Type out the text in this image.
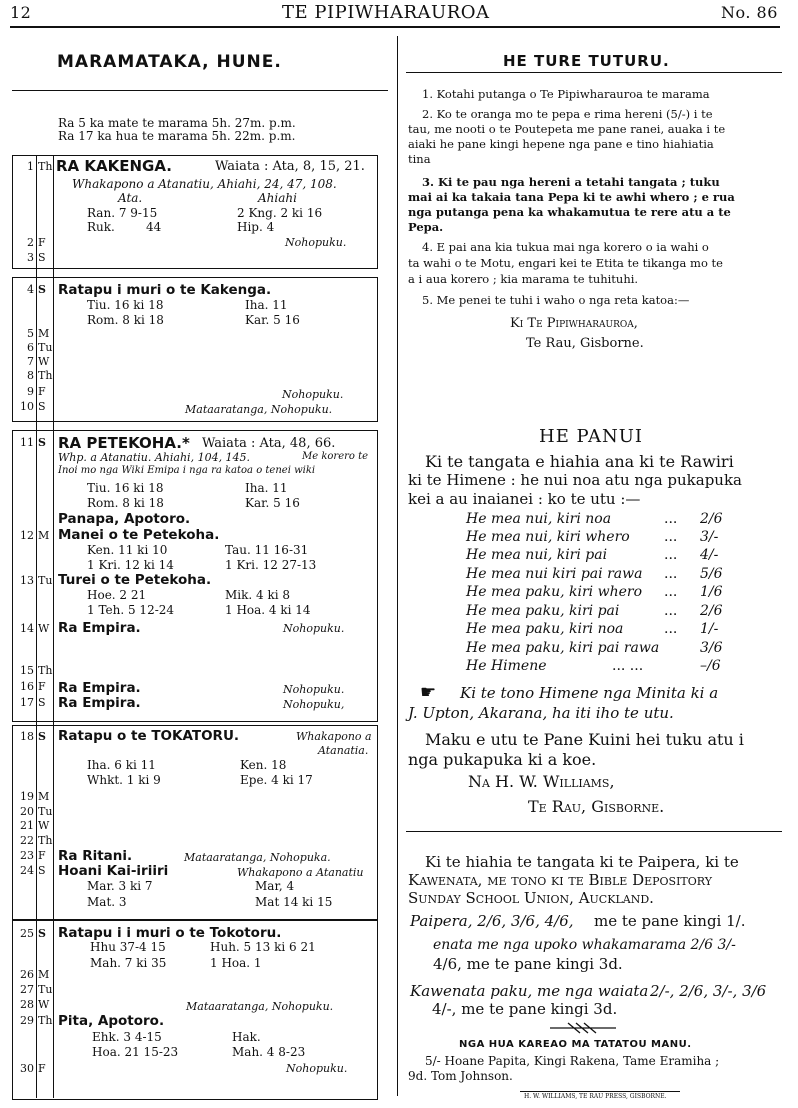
12	TE PIPIWHARAUROA	No. 86
MARAMATAKA, HUNE.
Ra 5 ka mate te marama 5h. 27m. p.m.
Ra 17 ka hua te marama 5h. 22m. p.m.
1 Th RA KAKENGA.	Waiata : Ata, 8, 15, 21.
Whakapono a Atanatiu, Ahiahi, 24, 47, 108.
Ata.	Ahiahi
Ran. 7 9-15	2 Kng. 2 ki 16
Ruk.	44	Hip. 4
2 F	Nohopuku.
3 S
4 S Ratapu i muri o te Kakenga.
Tiu. 16 ki 18	Iha. 11
Rom. 8 ki 18	Kar. 5 16
5 M
6 Tu
7 W
8 Th
9 F	Nohopuku.
10 S	Mataaratanga, Nohopuku.
11 S RA PETEKOHA.* Waiata : Ata, 48, 66.
Whp. a Atanatiu. Ahiahi, 104, 145.	Me korero te
Inoi mo nga Wiki Emipa i nga ra katoa o tenei wiki
Tiu. 16 ki 18	Iha. 11
Rom. 8 ki 18	Kar. 5 16
Panapa, Apotoro.
12 M Manei o te Petekoha.
Ken. 11 ki 10	Tau. 11 16-31
1 Kri. 12 ki 14	1 Kri. 12 27-13
13 Tu Turei o te Petekoha.
Hoe. 2 21	Mik. 4 ki 8
1 Teh. 5 12-24	1 Hoa. 4 ki 14
14 W Ra Empira.	Nohopuku.
15 Th
16 F Ra Empira.	Nohopuku.
17 S Ra Empira.	Nohopuku,
18 S Ratapu o te TOKATORU.	Whakapono a
Atanatia.
Iha. 6 ki 11	Ken. 18
Whkt. 1 ki 9	Epe. 4 ki 17
19 M
20 Tu
21 W
22 Th
23 F Ra Ritani.	Mataaratanga, Nohopuka.
24 S Hoani Kai-iriiri	Whakapono a Atanatiu
Mar. 3 ki 7	Mar, 4
Mat. 3	Mat 14 ki 15
25 S Ratapu i i muri o te Tokotoru.
Hhu 37-4 15	Huh. 5 13 ki 6 21
Mah. 7 ki 35	1 Hoa. 1
26 M
27 Tu
28 W	Mataaratanga, Nohopuku.
29 Th Pita, Apotoro.
Ehk. 3 4-15	Hak.
Hoa. 21 15-23	Mah. 4 8-23
30 F	Nohopuku.
HE TURE TUTURU.
1. Kotahi putanga o Te Pipiwharauroa te marama
2. Ko te oranga mo te pepa e rima hereni (5/-) i te
tau, me nooti o te Poutepeta me pane ranei, auaka i te
aiaki he pane kingi hepene nga pane e tino hiahiatia
tina
3. Ki te pau nga hereni a tetahi tangata ; tuku
mai ai ka takaia tana Pepa ki te awhi whero ; e rua
nga putanga pena ka whakamutua te rere atu a te
Pepa.
4. E pai ana kia tukua mai nga korero o ia wahi o
ta wahi o te Motu, engari kei te Etita te tikanga mo te
a i aua korero ; kia marama te tuhituhi.
5. Me penei te tuhi i waho o nga reta katoa:—
Ki Te Pipiwharauroa,
Te Rau, Gisborne.
HE PANUI
Ki te tangata e hiahia ana ki te Rawiri
ki te Himene : he nui noa atu nga pukapuka
kei a au inaianei : ko te utu :—
He mea nui, kiri noa	... 2/6
He mea nui, kiri whero ... 3/-
He mea nui, kiri pai	... 4/-
He mea nui kiri pai rawa ... 5/6
He mea paku, kiri whero ... 1/6
He mea paku, kiri pai	... 2/6
He mea paku, kiri noa	... 1/-
He mea paku, kiri pai rawa	3/6
He Himene	... ...	–/6
☛ Ki te tono Himene nga Minita ki a
J. Upton, Akarana, ha iti iho te utu.
Maku e utu te Pane Kuini hei tuku atu i
nga pukapuka ki a koe.
Na H. W. Williams,
Te Rau, Gisborne.
Ki te hiahia te tangata ki te Paipera, ki te
Kawenata, me tono ki te Bible Depository
Sunday School Union, Auckland.
Paipera, 2/6, 3/6, 4/6, me te pane kingi 1/.
enata me nga upoko whakamarama 2/6 3/-
4/6, me te pane kingi 3d.
Kawenata paku, me nga waiata 2/-, 2/6, 3/-, 3/6
4/-, me te pane kingi 3d.
NGA HUA KAREAO MA TATATOU MANU.
5/- Hoane Papita, Kingi Rakena, Tame Eramiha ;
9d. Tom Johnson.
H. W. WILLIAMS, TE RAU PRESS, GISBORNE.
